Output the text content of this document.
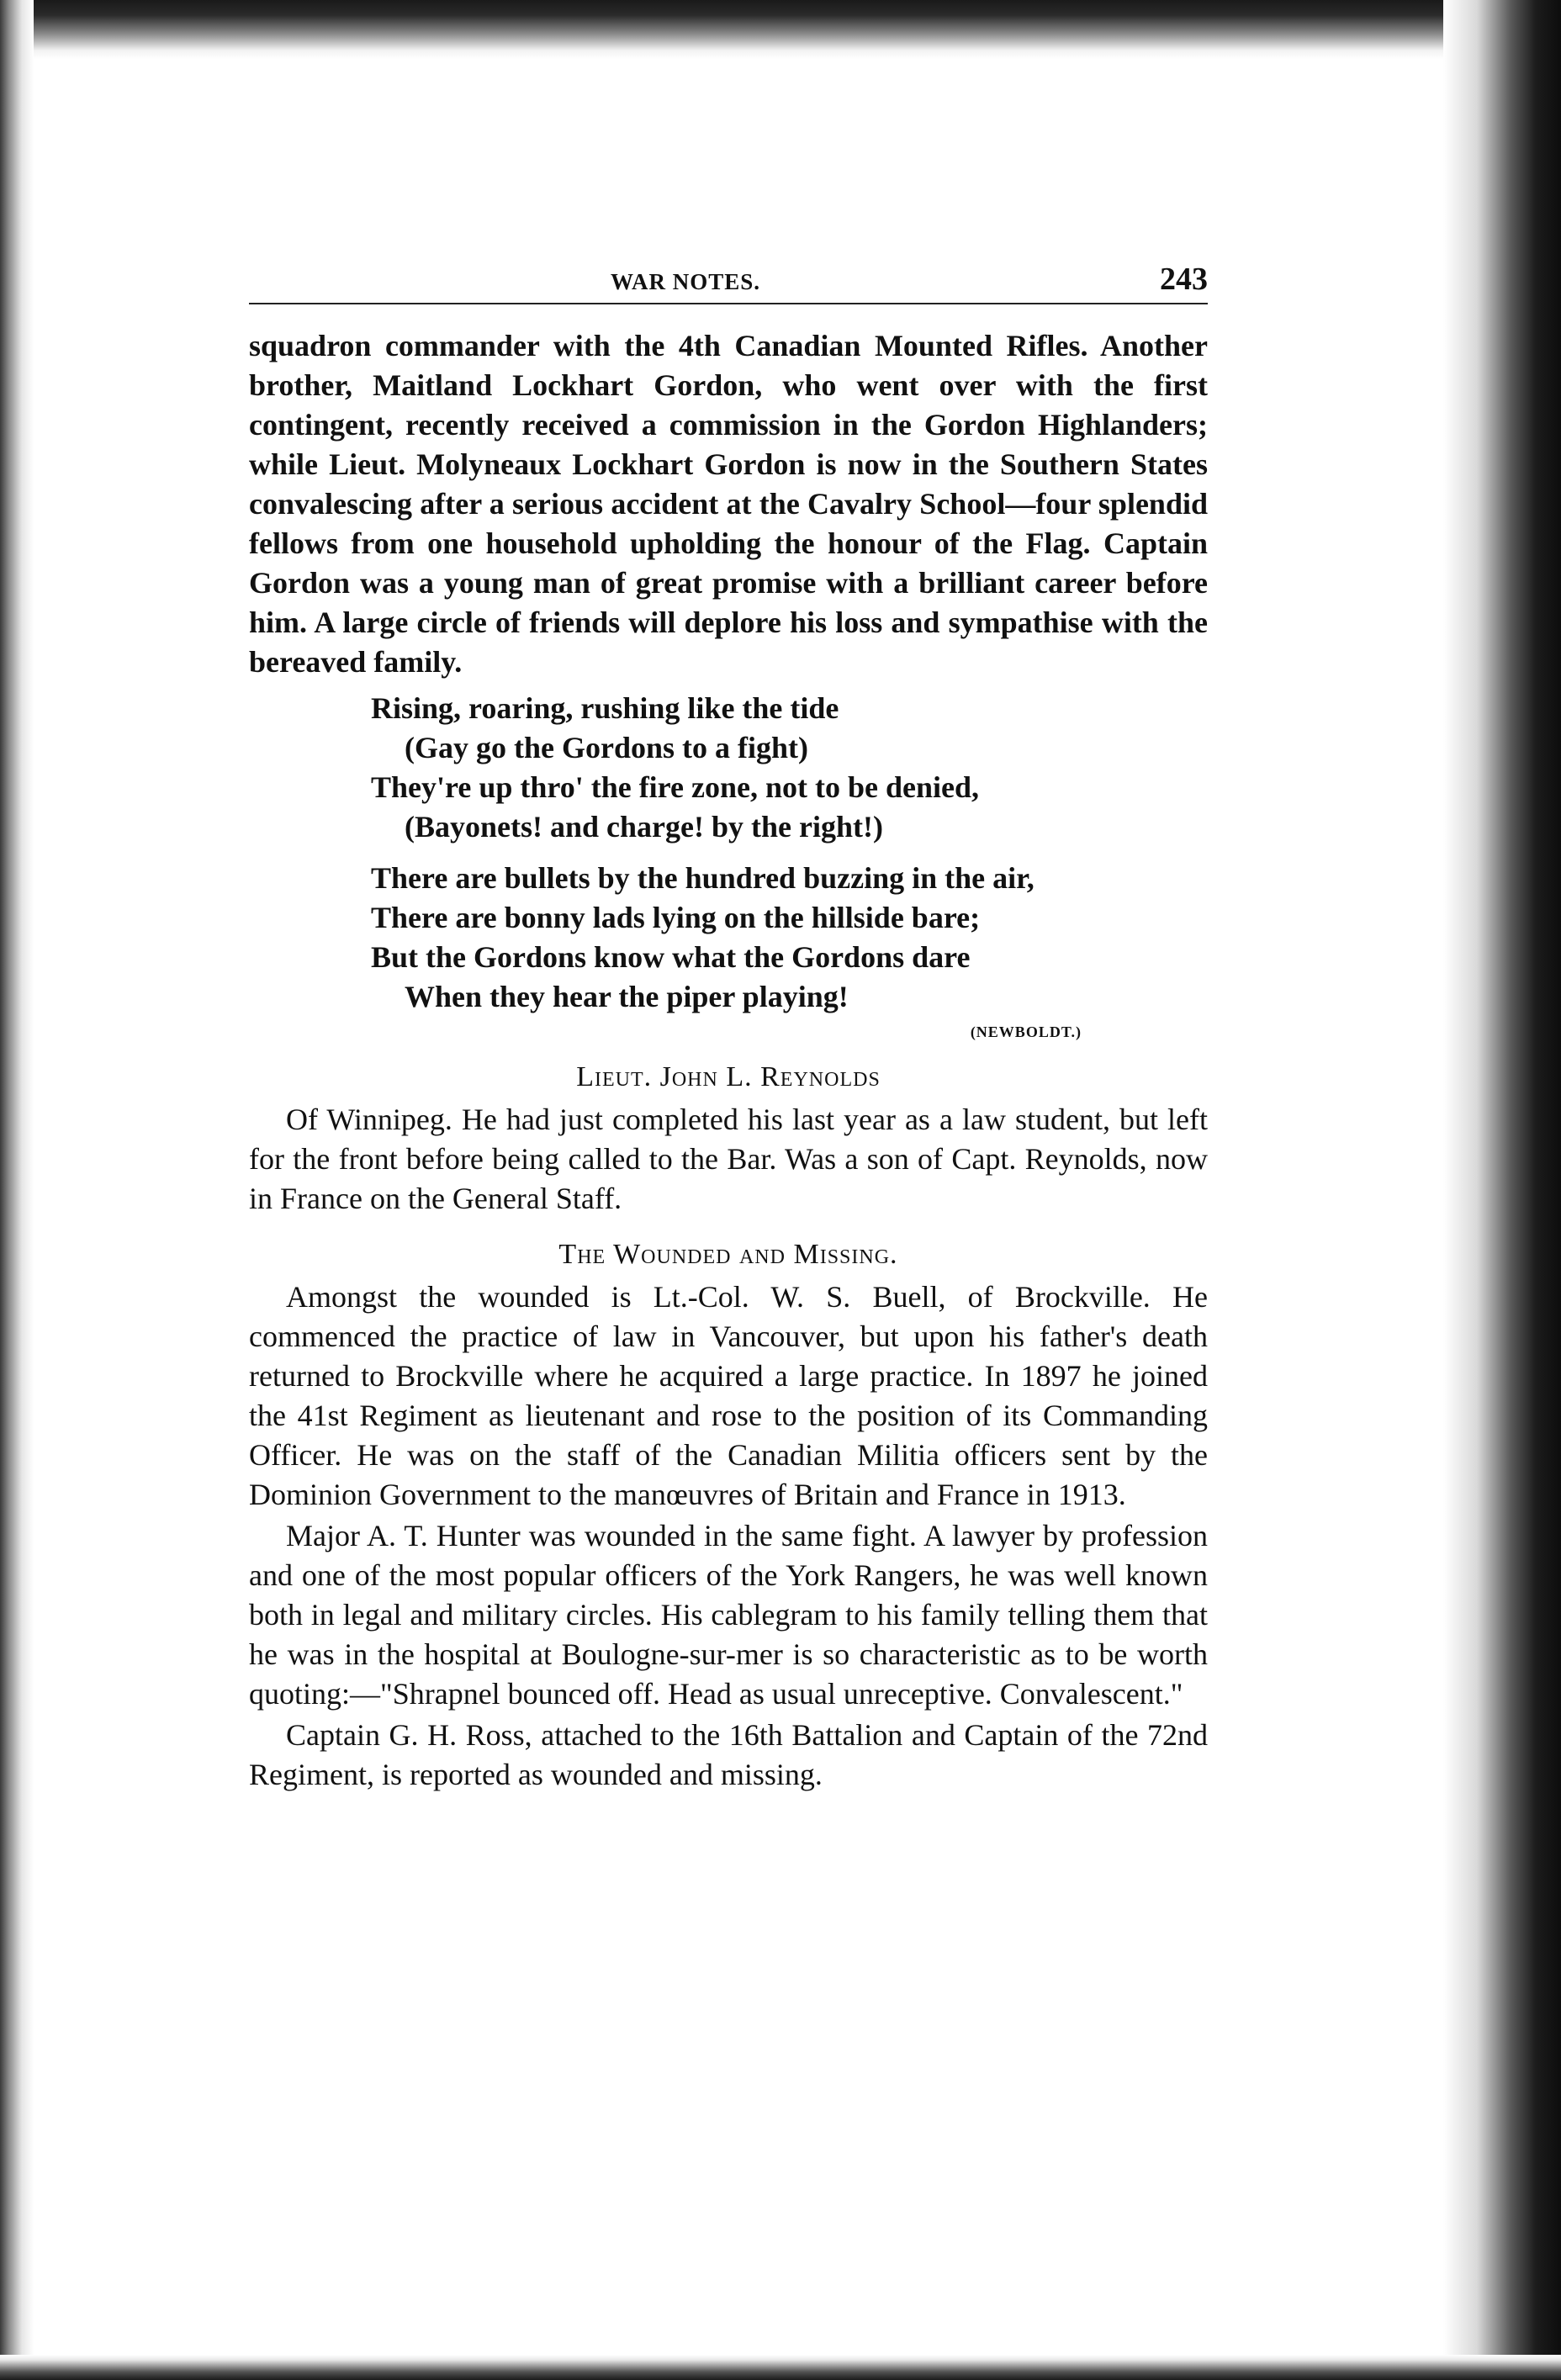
WAR NOTES.	243

squadron commander with the 4th Canadian Mounted Rifles. Another brother, Maitland Lockhart Gordon, who went over with the first contingent, recently received a commission in the Gordon Highlanders; while Lieut. Molyneaux Lockhart Gordon is now in the Southern States convalescing after a serious accident at the Cavalry School—four splendid fellows from one household upholding the honour of the Flag. Captain Gordon was a young man of great promise with a brilliant career before him. A large circle of friends will deplore his loss and sympathise with the bereaved family.

Rising, roaring, rushing like the tide
(Gay go the Gordons to a fight)
They're up thro' the fire zone, not to be denied,
(Bayonets! and charge! by the right!)
There are bullets by the hundred buzzing in the air,
There are bonny lads lying on the hillside bare;
But the Gordons know what the Gordons dare
When they hear the piper playing!
(NEWBOLDT.)
Lieut. John L. Reynolds

Of Winnipeg. He had just completed his last year as a law student, but left for the front before being called to the Bar. Was a son of Capt. Reynolds, now in France on the General Staff.

The Wounded and Missing.

Amongst the wounded is Lt.-Col. W. S. Buell, of Brockville. He commenced the practice of law in Vancouver, but upon his father's death returned to Brockville where he acquired a large practice. In 1897 he joined the 41st Regiment as lieutenant and rose to the position of its Commanding Officer. He was on the staff of the Canadian Militia officers sent by the Dominion Government to the manœuvres of Britain and France in 1913.

Major A. T. Hunter was wounded in the same fight. A lawyer by profession and one of the most popular officers of the York Rangers, he was well known both in legal and military circles. His cablegram to his family telling them that he was in the hospital at Boulogne-sur-mer is so characteristic as to be worth quoting:—"Shrapnel bounced off. Head as usual unreceptive. Convalescent."

Captain G. H. Ross, attached to the 16th Battalion and Captain of the 72nd Regiment, is reported as wounded and missing.
